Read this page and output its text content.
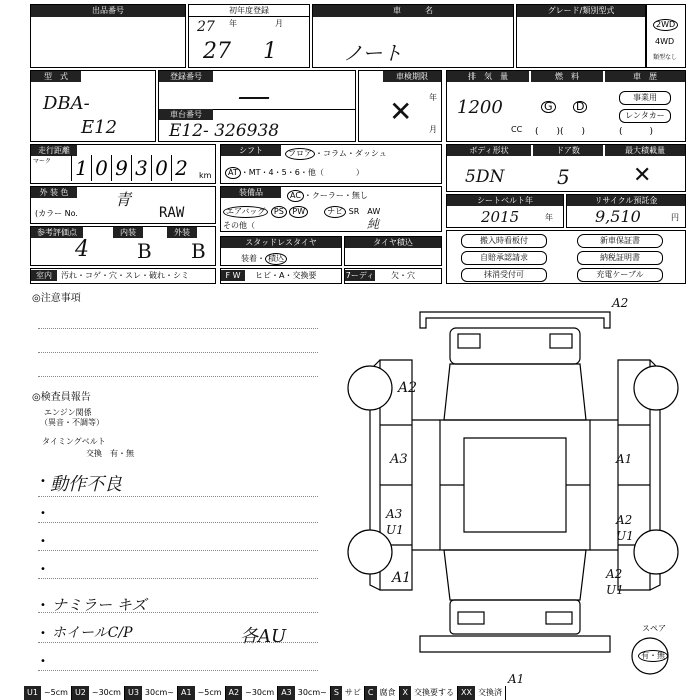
出品番号	初年度登録
27 年	月
27 1
車　　　名
ノート
グレード/類別型式
2WD
4WD
類型なし
型　式
DBA-
E12
登録番号
―
車台番号
E12- 326938
車検期限
年
月
✕
排　気　量	燃　料	車　歴
1200
CC
G D
(　　)(　　)
事業用
レンタカー
(　　　)
走行距離
マーク 1 0 9 3 0 2	km
シフト	フロア ・コラム・ダッシュ
AT ・MT・4・5・6・他（　　　　	）
ボディ形状	ドア数	最大積載量
5DN	5	✕
外 装 色
(カラー No.
青
RAW
装備品	AC ・クーラー・無し
エアバッグ PS PW　　	ナビ SR　 AW
その他（	純
シートベルト年
2015	年
リサイクル預託金
9,510	円
参考評価点	内装	外装
4 B B	スタッドレスタイヤ
装着・ 積込
タイヤ積込	搬入時看板付	新車保証書
自賠承認請求	納税証明書
抹消受付可	充電ケーブル
室内	汚れ・コゲ・穴・スレ・破れ・シミ	F W	ヒビ・A・交換要	7ーディ 欠・穴
◎注意事項
◎検査員報告
エンジン関係
（異音・不調等）
タイミングベルト
交換　有・無
• 動作不良
•
•
•
• ナミラー キズ
• ホイールC/P	各AU
•
A2
A2
A3	A1
A3 U1
A2 U1
A1	A2 U1
A1
スペア
有・無
U1 ~5cm U2 ~30cm U3 30cm~ A1 ~5cm A2 ~30cm A3 30cm~ S サビ C 腐食 X 交換要する XX 交換済
